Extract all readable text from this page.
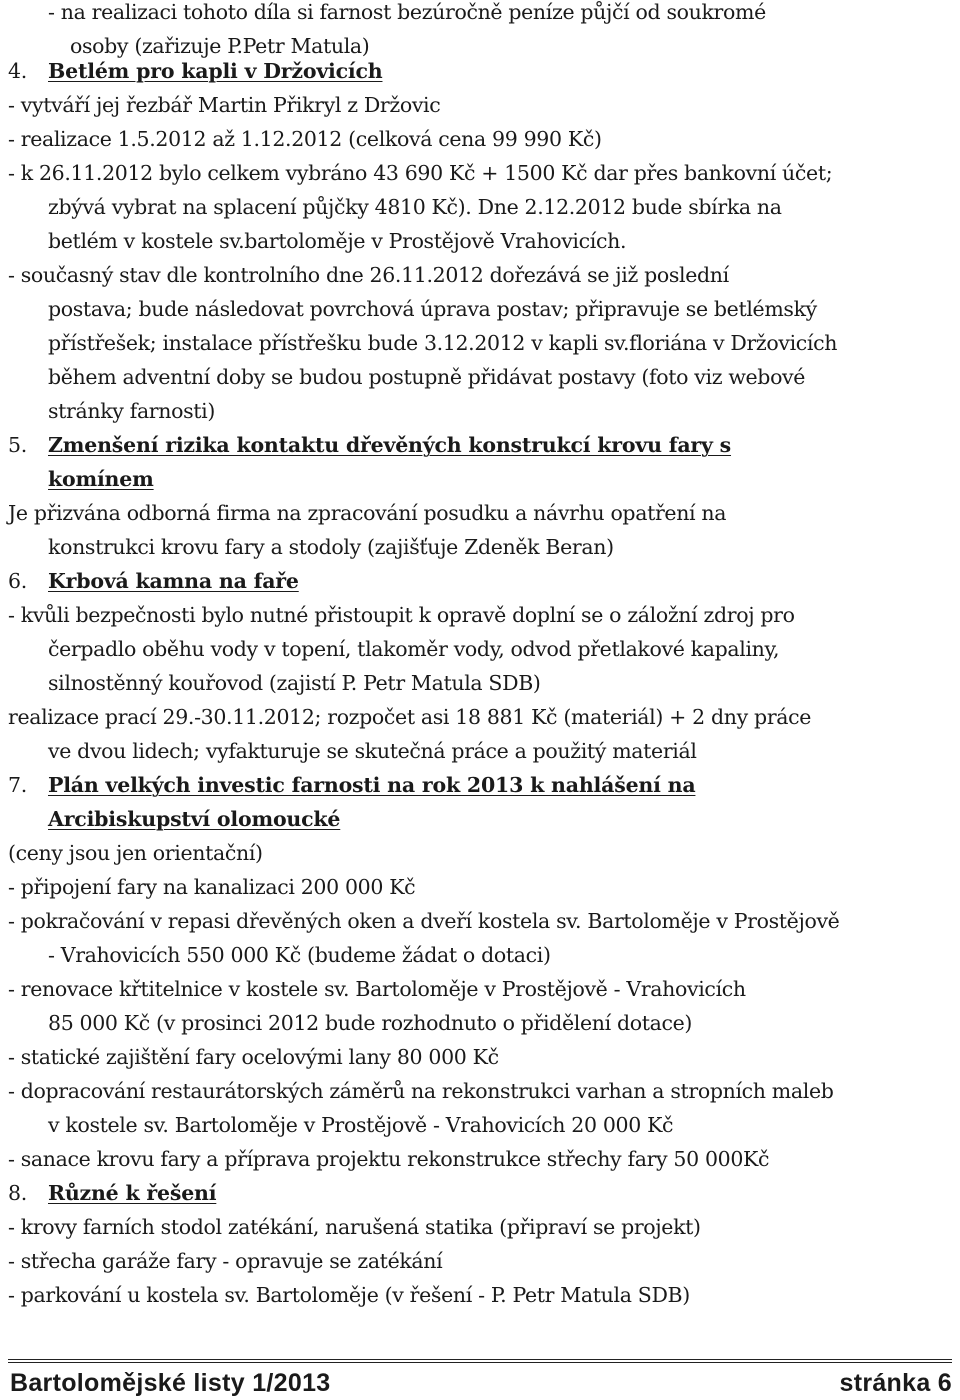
- na realizaci tohoto díla si farnost bezúročně peníze půjčí od soukromé
osoby (zařizuje P.Petr Matula)
4. Betlém pro kapli v Držovicích
- vytváří jej řezbář Martin Přikryl z Držovic
- realizace 1.5.2012 až 1.12.2012 (celková cena 99 990 Kč)
- k 26.11.2012 bylo celkem vybráno 43 690 Kč + 1500 Kč dar přes bankovní účet;
zbývá vybrat na splacení půjčky 4810 Kč). Dne 2.12.2012 bude sbírka na
betlém v kostele sv.bartoloměje v Prostějově Vrahovicích.
- současný stav dle kontrolního dne 26.11.2012 dořezává se již poslední
postava; bude následovat povrchová úprava postav; připravuje se betlémský
přístřešek; instalace přístřešku bude 3.12.2012 v kapli sv.floriána v Držovicích
během adventní doby se budou postupně přidávat postavy (foto viz webové
stránky farnosti)
5. Zmenšení rizika kontaktu dřevěných konstrukcí krovu fary s
komínem
Je přizvána odborná firma na zpracování posudku a návrhu opatření na
konstrukci krovu fary a stodoly (zajišťuje Zdeněk Beran)
6. Krbová kamna na faře
- kvůli bezpečnosti bylo nutné přistoupit k opravě doplní se o záložní zdroj pro
čerpadlo oběhu vody v topení, tlakoměr vody, odvod přetlakové kapaliny,
silnostěnný kouřovod (zajistí P. Petr Matula SDB)
realizace prací 29.-30.11.2012; rozpočet asi 18 881 Kč (materiál) + 2 dny práce
ve dvou lidech; vyfakturuje se skutečná práce a použitý materiál
7. Plán velkých investic farnosti na rok 2013 k nahlášení na
Arcibiskupství olomoucké
(ceny jsou jen orientační)
- připojení fary na kanalizaci 200 000 Kč
- pokračování v repasi dřevěných oken a dveří kostela sv. Bartoloměje v Prostějově
- Vrahovicích 550 000 Kč (budeme žádat o dotaci)
- renovace křtitelnice v kostele sv. Bartoloměje v Prostějově - Vrahovicích
85 000 Kč (v prosinci 2012 bude rozhodnuto o přidělení dotace)
- statické zajištění fary ocelovými lany 80 000 Kč
- dopracování restaurátorských záměrů na rekonstrukci varhan a stropních maleb
v kostele sv. Bartoloměje v Prostějově - Vrahovicích 20 000 Kč
- sanace krovu fary a příprava projektu rekonstrukce střechy fary 50 000Kč
8. Různé k řešení
- krovy farních stodol zatékání, narušená statika (připraví se projekt)
- střecha garáže fary - opravuje se zatékání
- parkování u kostela sv. Bartoloměje (v řešení - P. Petr Matula SDB)
Bartolomějské listy 1/2013	stránka 6
